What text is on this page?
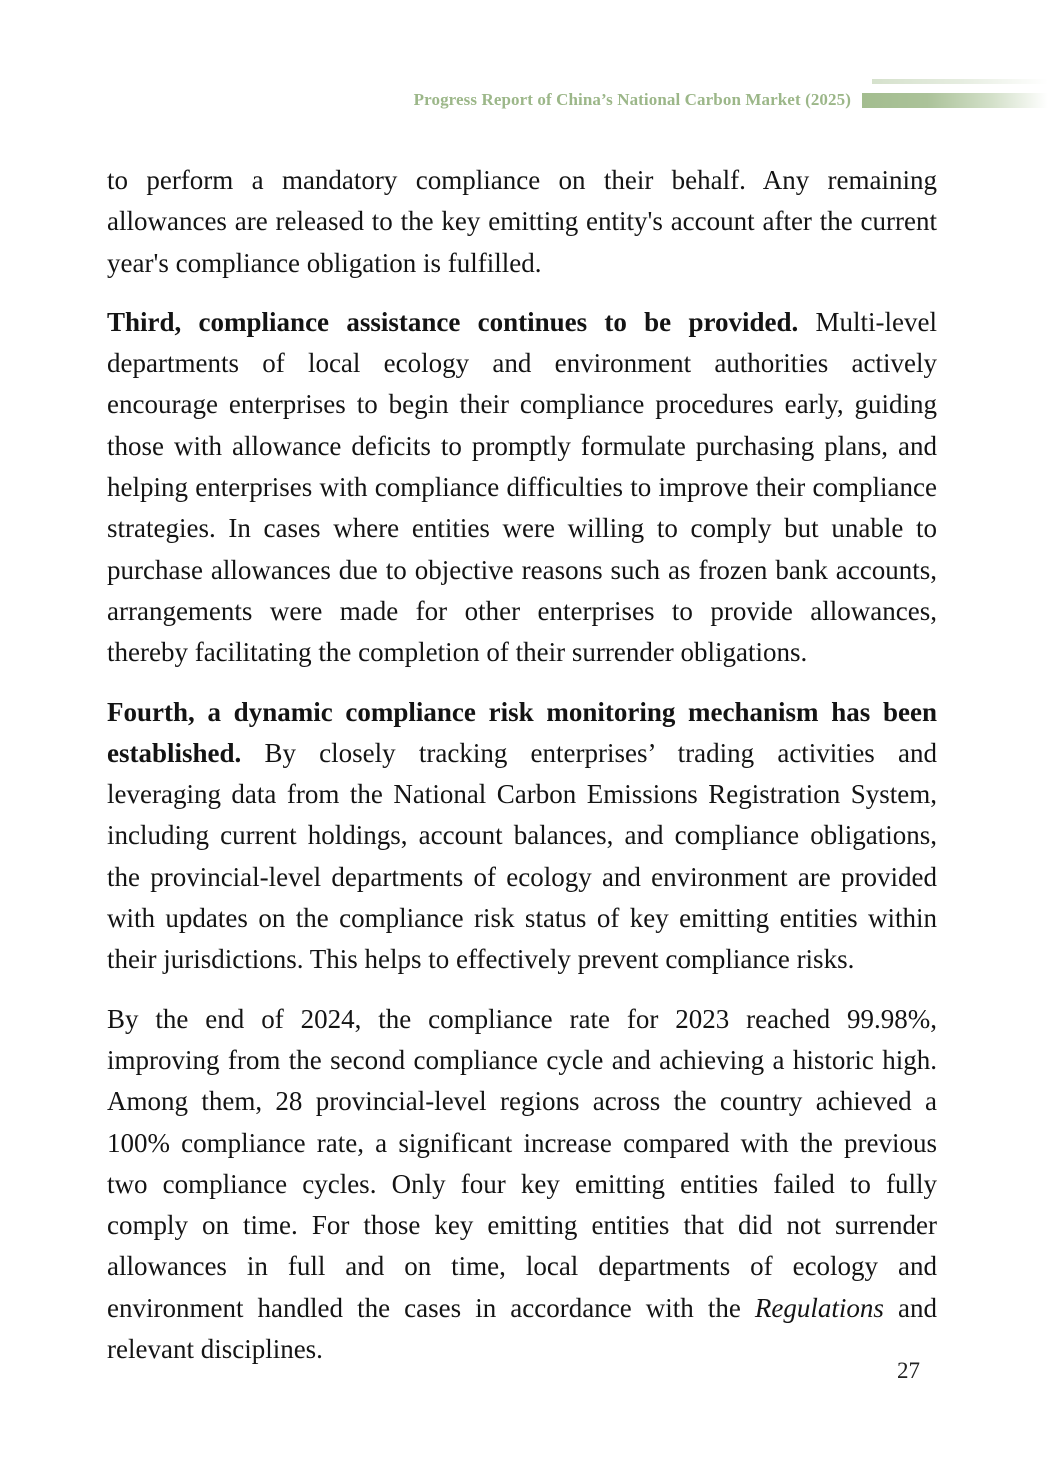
Progress Report of China’s National Carbon Market (2025)

to perform a mandatory compliance on their behalf. Any remaining allowances are released to the key emitting entity's account after the current year's compliance obligation is fulfilled.

Third, compliance assistance continues to be provided. Multi-level departments of local ecology and environment authorities actively encourage enterprises to begin their compliance procedures early, guiding those with allowance deficits to promptly formulate purchasing plans, and helping enterprises with compliance difficulties to improve their compliance strategies. In cases where entities were willing to comply but unable to purchase allowances due to objective reasons such as frozen bank accounts, arrangements were made for other enterprises to provide allowances, thereby facilitating the completion of their surrender obligations.

Fourth, a dynamic compliance risk monitoring mechanism has been established. By closely tracking enterprises’ trading activities and leveraging data from the National Carbon Emissions Registration System, including current holdings, account balances, and compliance obligations, the provincial-level departments of ecology and environment are provided with updates on the compliance risk status of key emitting entities within their jurisdictions. This helps to effectively prevent compliance risks.

By the end of 2024, the compliance rate for 2023 reached 99.98%, improving from the second compliance cycle and achieving a historic high. Among them, 28 provincial-level regions across the country achieved a 100% compliance rate, a significant increase compared with the previous two compliance cycles. Only four key emitting entities failed to fully comply on time. For those key emitting entities that did not surrender allowances in full and on time, local departments of ecology and environment handled the cases in accordance with the Regulations and relevant disciplines.

27
